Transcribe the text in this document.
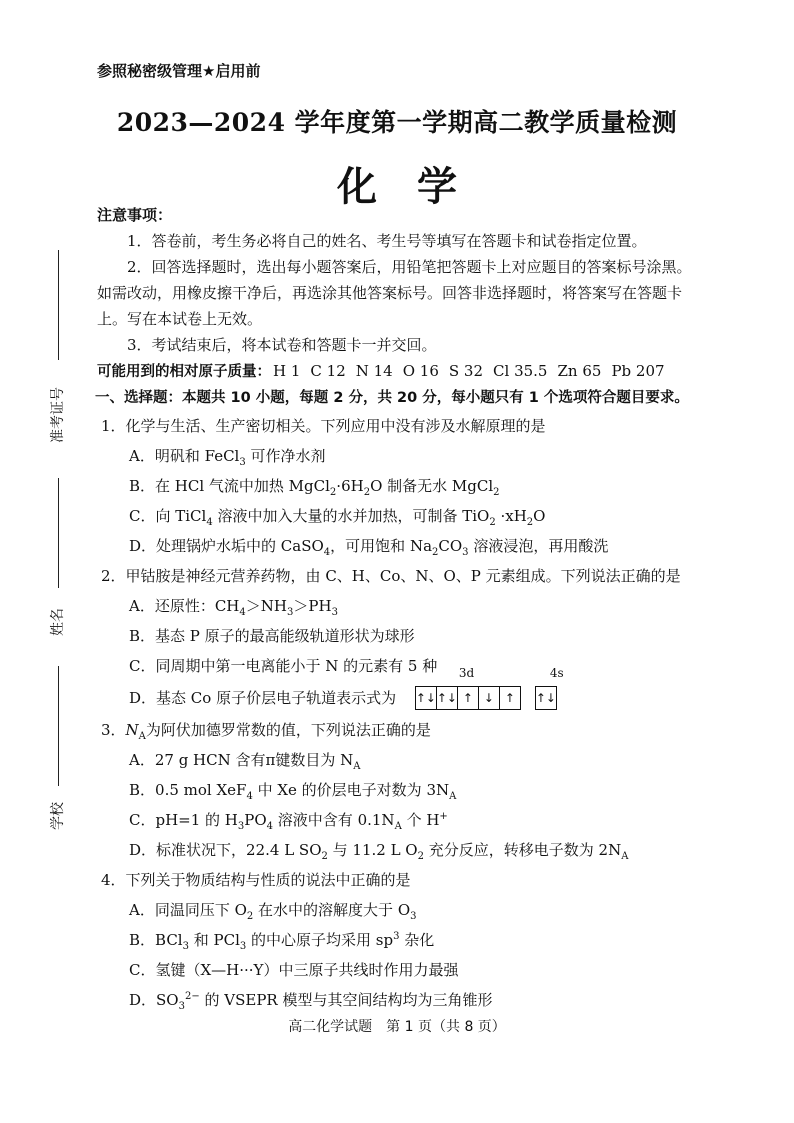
参照秘密级管理★启用前
2023—2024 学年度第一学期高二教学质量检测
化学
注意事项：
准考证号
姓名
学校
1．答卷前，考生务必将自己的姓名、考生号等填写在答题卡和试卷指定位置。
2．回答选择题时，选出每小题答案后，用铅笔把答题卡上对应题目的答案标号涂黑。
如需改动，用橡皮擦干净后，再选涂其他答案标号。回答非选择题时，将答案写在答题卡
上。写在本试卷上无效。
3．考试结束后，将本试卷和答题卡一并交回。
可能用到的相对原子质量： H 1 C 12 N 14 O 16 S 32 Cl 35.5 Zn 65 Pb 207
一、选择题：本题共 10 小题，每题 2 分，共 20 分，每小题只有 1 个选项符合题目要求。
1．化学与生活、生产密切相关。下列应用中没有涉及水解原理的是
A．明矾和 FeCl$_3$ 可作净水剂
B．在 HCl 气流中加热 $MgCl_2\cdot 6H_2O$ 制备无水 MgCl$_2$
C．向 TiCl$_4$ 溶液中加入大量的水并加热，可制备 $TiO_2 \cdot xH_2O$
D．处理锅炉水垢中的 CaSO$_4$，可用饱和 $Na_2CO_3$ 溶液浸泡，再用酸洗
2．甲钴胺是神经元营养药物，由 C、H、Co、N、O、P 元素组成。下列说法正确的是
A．还原性：$CH_4>NH_3>PH_3$
B．基态 P 原子的最高能级轨道形状为球形
C．同周期中第一电离能小于 N 的元素有 5 种
D．基态 Co 原子价层电子轨道表示式为
3d	4s
↑↓ ↑↓ ↑ ↓ ↑	↑↓
3．$N_A$为阿伏加德罗常数的值，下列说法正确的是
A．27 g HCN 含有π键数目为 $N_A$
B．0.5 mol XeF$_4$ 中 Xe 的价层电子对数为 $3N_A$
C．pH=1 的 $H_3PO_4$ 溶液中含有 $0.1N_A$ 个 H+
D．标准状况下，22.4 L $SO_2$ 与 11.2 L $O_2$ 充分反应，转移电子数为 $2N_A$
4．下列关于物质结构与性质的说法中正确的是
A．同温同压下 $O_2$ 在水中的溶解度大于 $O_3$
B．BCl$_3$ 和 PCl$_3$ 的中心原子均采用 $sp^3$ 杂化
C．氢键（X—H···Y）中三原子共线时作用力最强
D．$SO_3^{2-}$ 的 VSEPR 模型与其空间结构均为三角锥形
高二化学试题　第 1 页（共 8 页）
